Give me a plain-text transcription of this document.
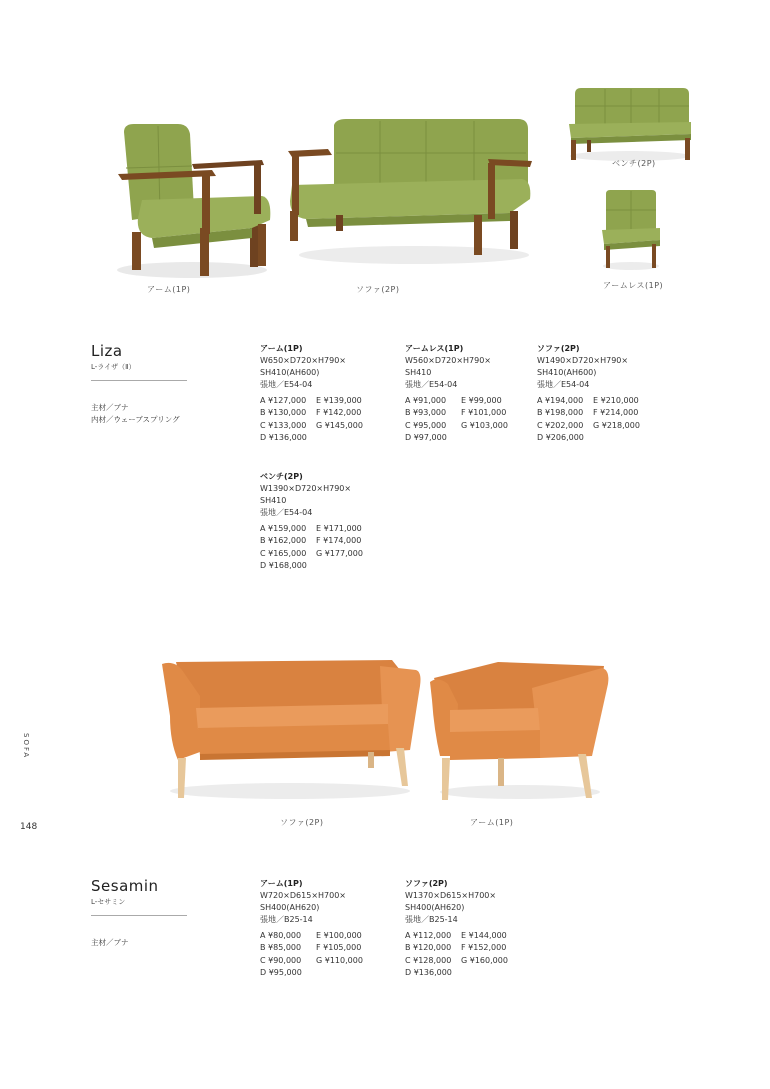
ベンチ(2P)
アーム(1P)	ソファ(2P)	アームレス(1P)
Liza
L-ライザ（Ⅱ）
主材／ブナ
内材／ウェーブスプリング
アーム(1P)
W650×D720×H790×
SH410(AH600)
張地／E54-04
A ¥127,000 E ¥139,000
B ¥130,000 F ¥142,000
C ¥133,000 G ¥145,000
D ¥136,000
アームレス(1P)
W560×D720×H790×
SH410
張地／E54-04
A ¥91,000 E ¥99,000
B ¥93,000 F ¥101,000
C ¥95,000 G ¥103,000
D ¥97,000
ソファ(2P)
W1490×D720×H790×
SH410(AH600)
張地／E54-04
A ¥194,000 E ¥210,000
B ¥198,000 F ¥214,000
C ¥202,000 G ¥218,000
D ¥206,000
ベンチ(2P)
W1390×D720×H790×
SH410
張地／E54-04
A ¥159,000 E ¥171,000
B ¥162,000 F ¥174,000
C ¥165,000 G ¥177,000
D ¥168,000
ソファ(2P)	アーム(1P)
Sesamin
L-セサミン
主材／ブナ
アーム(1P)
W720×D615×H700×
SH400(AH620)
張地／B25-14
A ¥80,000 E ¥100,000
B ¥85,000 F ¥105,000
C ¥90,000 G ¥110,000
D ¥95,000
ソファ(2P)
W1370×D615×H700×
SH400(AH620)
張地／B25-14
A ¥112,000 E ¥144,000
B ¥120,000 F ¥152,000
C ¥128,000 G ¥160,000
D ¥136,000
SOFA
148
